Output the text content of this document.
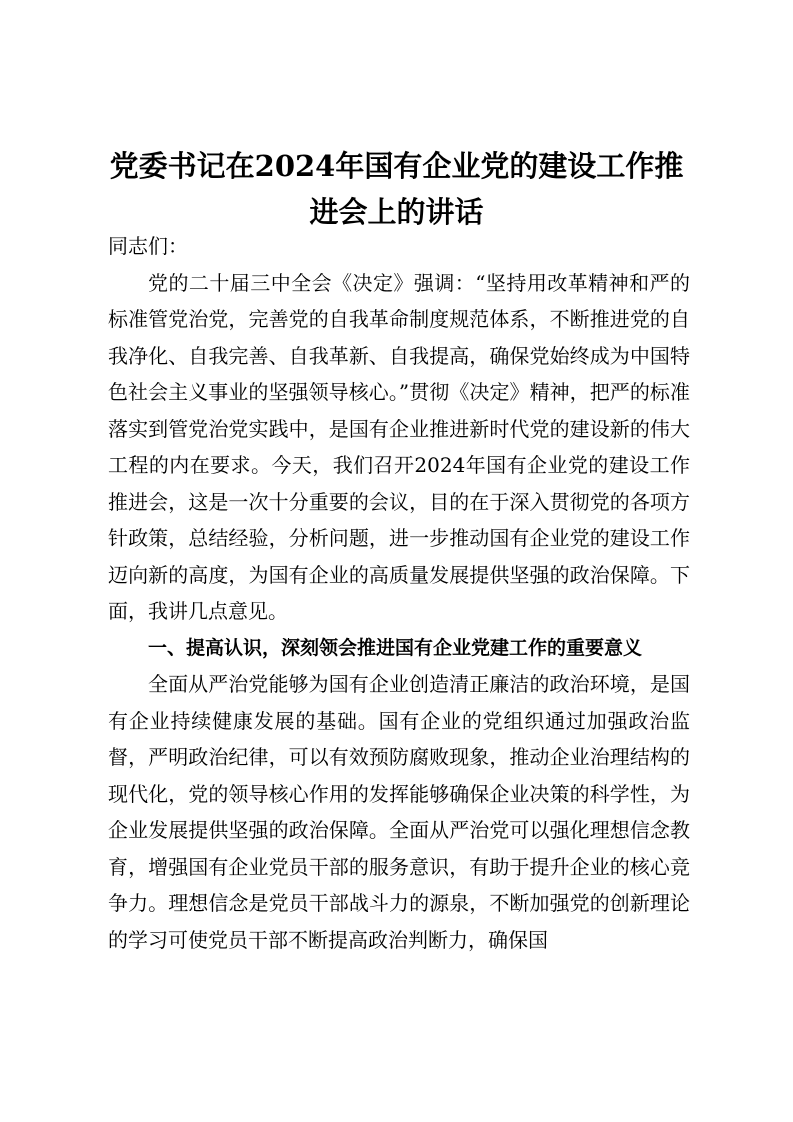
党委书记在2024年国有企业党的建设工作推进会上的讲话

同志们：

党的二十届三中全会《决定》强调：“坚持用改革精神和严的标准管党治党，完善党的自我革命制度规范体系，不断推进党的自我净化、自我完善、自我革新、自我提高，确保党始终成为中国特色社会主义事业的坚强领导核心。”贯彻《决定》精神，把严的标准落实到管党治党实践中，是国有企业推进新时代党的建设新的伟大工程的内在要求。今天，我们召开2024年国有企业党的建设工作推进会，这是一次十分重要的会议，目的在于深入贯彻党的各项方针政策，总结经验，分析问题，进一步推动国有企业党的建设工作迈向新的高度，为国有企业的高质量发展提供坚强的政治保障。下面，我讲几点意见。

一、提高认识，深刻领会推进国有企业党建工作的重要意义

全面从严治党能够为国有企业创造清正廉洁的政治环境，是国有企业持续健康发展的基础。国有企业的党组织通过加强政治监督，严明政治纪律，可以有效预防腐败现象，推动企业治理结构的现代化，党的领导核心作用的发挥能够确保企业决策的科学性，为企业发展提供坚强的政治保障。全面从严治党可以强化理想信念教育，增强国有企业党员干部的服务意识，有助于提升企业的核心竞争力。理想信念是党员干部战斗力的源泉，不断加强党的创新理论的学习可使党员干部不断提高政治判断力，确保国
